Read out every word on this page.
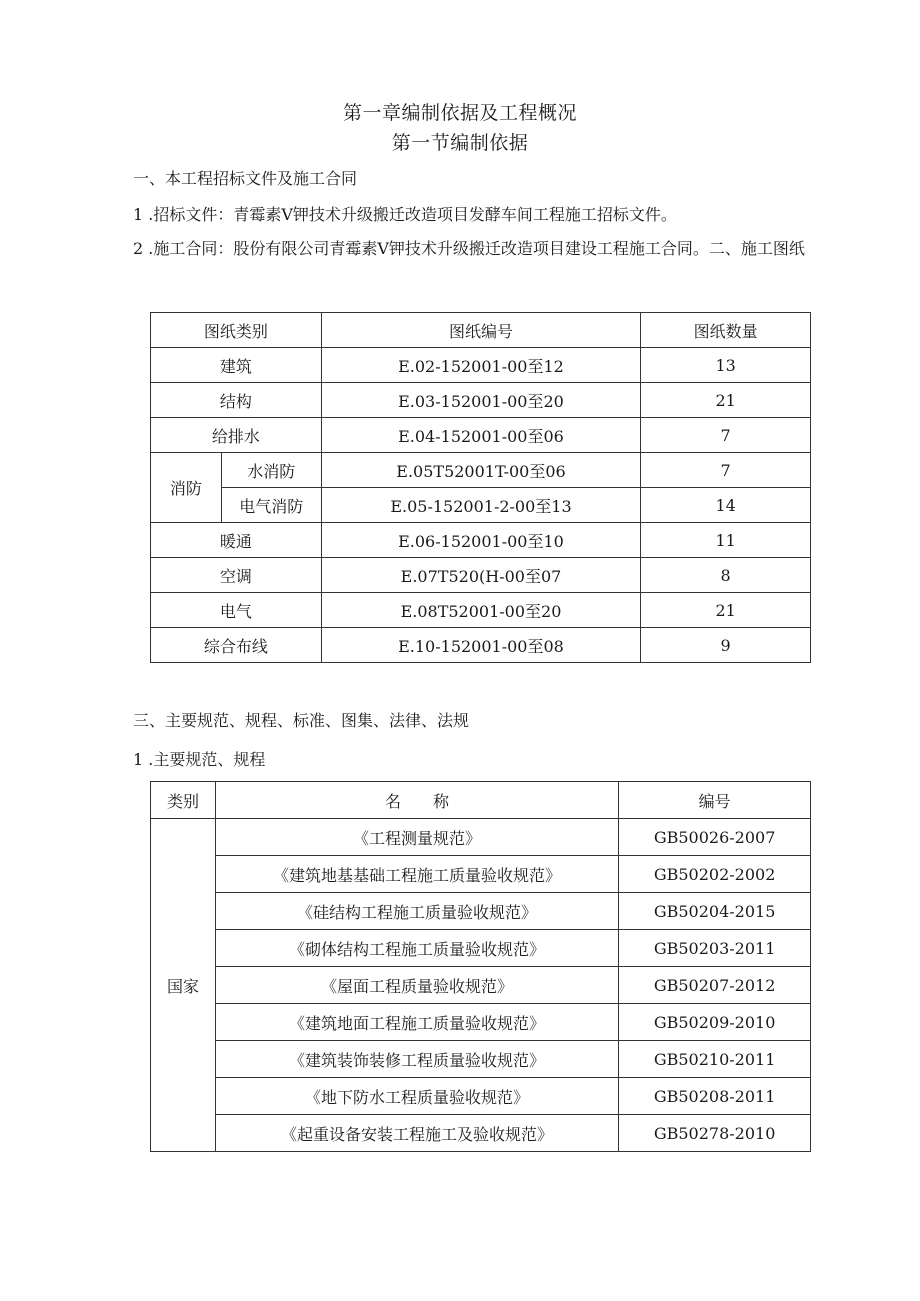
第一章编制依据及工程概况
第一节编制依据
一、本工程招标文件及施工合同
1 .招标文件：青霉素Ⅴ钾技术升级搬迁改造项目发酵车间工程施工招标文件。
2 .施工合同：股份有限公司青霉素Ⅴ钾技术升级搬迁改造项目建设工程施工合同。二、施工图纸
图纸类别		图纸编号	图纸数量
建筑		E.02-152001-00至12	13
结构		E.03-152001-00至20	21
给排水		E.04-152001-00至06	7
消防	水消防	E.05T52001T-00至06	7
	电气消防	E.05-152001-2-00至13	14
暖通		E.06-152001-00至10	11
空调		E.07T520(H-00至07	8
电气		E.08T52001-00至20	21
综合布线		E.10-152001-00至08	9
三、主要规范、规程、标准、图集、法律、法规
1 .主要规范、规程
类别	名　　称	编号
国家	《工程测量规范》	GB50026-2007
	《建筑地基基础工程施工质量验收规范》	GB50202-2002
	《硅结构工程施工质量验收规范》	GB50204-2015
	《砌体结构工程施工质量验收规范》	GB50203-2011
	《屋面工程质量验收规范》	GB50207-2012
	《建筑地面工程施工质量验收规范》	GB50209-2010
	《建筑装饰装修工程质量验收规范》	GB50210-2011
	《地下防水工程质量验收规范》	GB50208-2011
	《起重设备安装工程施工及验收规范》	GB50278-2010
